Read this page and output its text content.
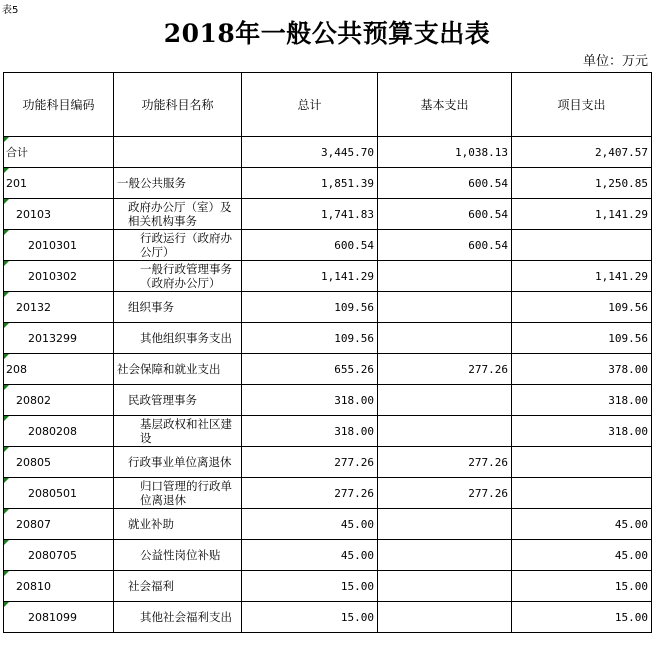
表5
2018年一般公共预算支出表
单位：万元
功能科目编码	功能科目名称	总计	基本支出	项目支出

合计		3,445.70	1,038.13	2,407.57

201	一般公共服务	1,851.39	600.54	1,250.85

20103	政府办公厅（室）及相关机构事务	1,741.83	600.54	1,141.29

2010301	行政运行（政府办公厅）	600.54	600.54	

2010302	一般行政管理事务（政府办公厅）	1,141.29		1,141.29

20132	组织事务	109.56		109.56

2013299	其他组织事务支出	109.56		109.56

208	社会保障和就业支出	655.26	277.26	378.00

20802	民政管理事务	318.00		318.00

2080208	基层政权和社区建设	318.00		318.00

20805	行政事业单位离退休	277.26	277.26	

2080501	归口管理的行政单位离退休	277.26	277.26	

20807	就业补助	45.00		45.00

2080705	公益性岗位补贴	45.00		45.00

20810	社会福利	15.00		15.00

2081099	其他社会福利支出	15.00		15.00
